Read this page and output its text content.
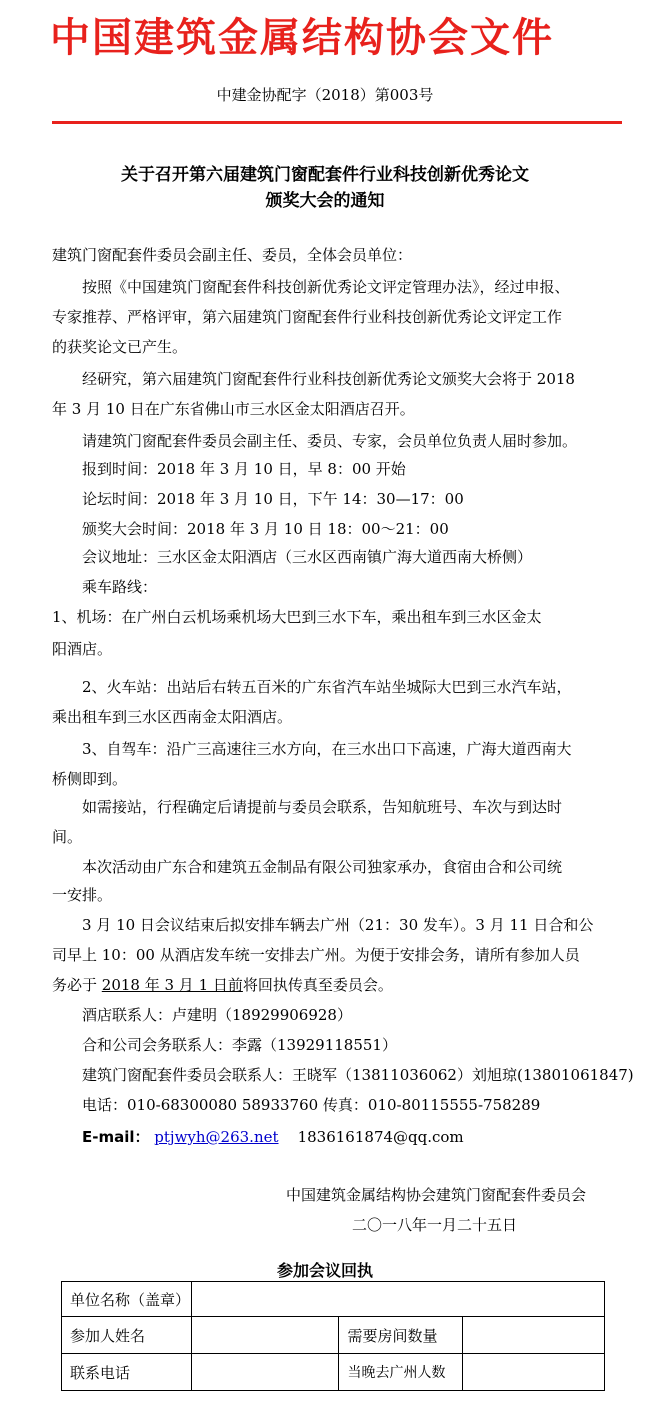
中国建筑金属结构协会文件
中建金协配字（2018）第003号
关于召开第六届建筑门窗配套件行业科技创新优秀论文
颁奖大会的通知
建筑门窗配套件委员会副主任、委员，全体会员单位：
按照《中国建筑门窗配套件科技创新优秀论文评定管理办法》，经过申报、
专家推荐、严格评审，第六届建筑门窗配套件行业科技创新优秀论文评定工作
的获奖论文已产生。
经研究，第六届建筑门窗配套件行业科技创新优秀论文颁奖大会将于 2018
年 3 月 10 日在广东省佛山市三水区金太阳酒店召开。
请建筑门窗配套件委员会副主任、委员、专家，会员单位负责人届时参加。
报到时间：2018 年 3 月 10 日，早 8：00 开始
论坛时间：2018 年 3 月 10 日，下午 14：30—17：00
颁奖大会时间：2018 年 3 月 10 日 18：00～21：00
会议地址：三水区金太阳酒店（三水区西南镇广海大道西南大桥侧）
乘车路线：
1、机场：在广州白云机场乘机场大巴到三水下车，乘出租车到三水区金太
阳酒店。
2、火车站：出站后右转五百米的广东省汽车站坐城际大巴到三水汽车站，
乘出租车到三水区西南金太阳酒店。
3、自驾车：沿广三高速往三水方向，在三水出口下高速，广海大道西南大
桥侧即到。
如需接站，行程确定后请提前与委员会联系，告知航班号、车次与到达时
间。
本次活动由广东合和建筑五金制品有限公司独家承办，食宿由合和公司统
一安排。
3 月 10 日会议结束后拟安排车辆去广州（21：30 发车）。3 月 11 日合和公
司早上 10：00 从酒店发车统一安排去广州。为便于安排会务，请所有参加人员
务必于 2018 年 3 月 1 日前将回执传真至委员会。
酒店联系人：卢建明（18929906928）
合和公司会务联系人：李露（13929118551）
建筑门窗配套件委员会联系人：王晓军（13811036062）刘旭琼(13801061847)
电话：010-68300080 58933760 传真：010-80115555-758289
E-mail： ptjwyh@263.net 1836161874@qq.com
中国建筑金属结构协会建筑门窗配套件委员会
二〇一八年一月二十五日
参加会议回执
单位名称（盖章）			
参加人姓名		需要房间数量	
联系电话		当晚去广州人数	
